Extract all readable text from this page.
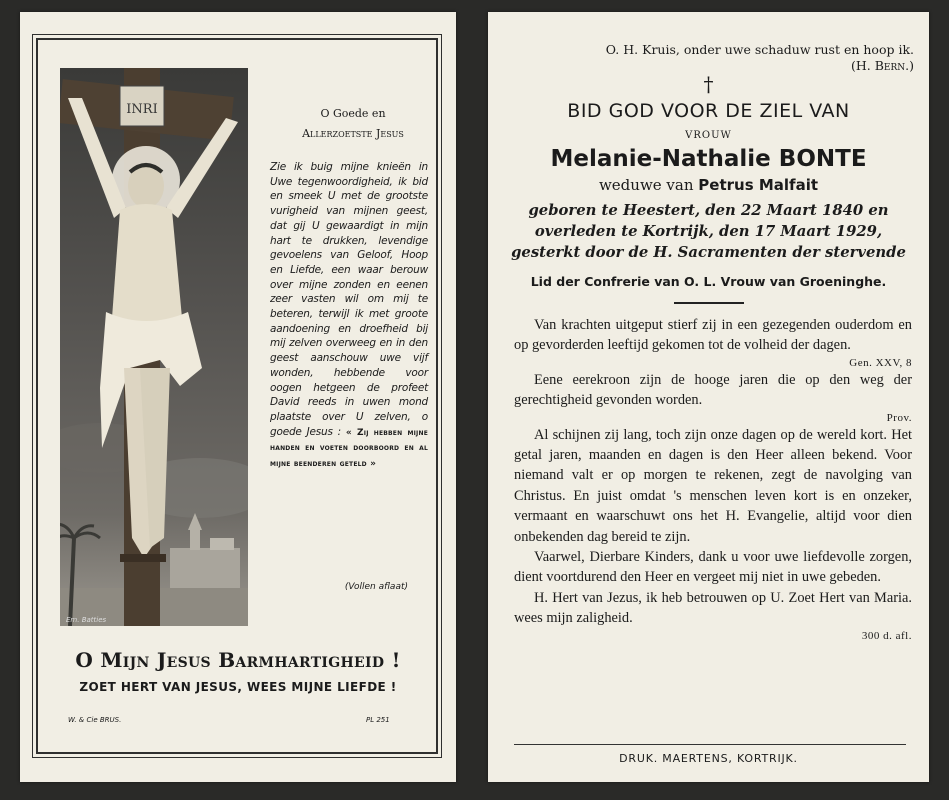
INRI	O Goede en
Allerzoetste Jesus
Zie ik buig mijne knieën in Uwe tegenwoordigheid, ik bid en smeek U met de grootste vurigheid van mijnen geest, dat gij U gewaardigt in mijn hart te drukken, levendige gevoelens van Geloof, Hoop en Liefde, een waar berouw over mijne zonden en eenen zeer vasten wil om mij te beteren, terwijl ik met groote aandoening en droefheid bij mij zelven overweeg en in den geest aanschouw uwe vijf wonden, hebbende voor oogen hetgeen de profeet David reeds in uwen mond plaatste over U zelven, o goede Jesus : « Zij hebben mijne handen en voeten doorboord en al mijne beenderen geteld »
(Vollen aflaat)
Em. Batties
O Mijn Jesus Barmhartigheid !
ZOET HERT VAN JESUS, WEES MIJNE LIEFDE !
W. & Cie BRUS.	PL 251
O. H. Kruis, onder uwe schaduw rust en hoop ik.
(H. Bern.)
†
BID GOD VOOR DE ZIEL VAN
VROUW
Melanie-Nathalie BONTE
weduwe van Petrus Malfait
geboren te Heestert, den 22 Maart 1840 en
overleden te Kortrijk, den 17 Maart 1929,
gesterkt door de H. Sacramenten der stervende
Lid der Confrerie van O. L. Vrouw van Groeninghe.

Van krachten uitgeput stierf zij in een gezegenden ouderdom en op gevorderden leeftijd gekomen tot de volheid der dagen.

Gen. XXV, 8

Eene eerekroon zijn de hooge jaren die op den weg der gerechtigheid gevonden worden.

Prov.

Al schijnen zij lang, toch zijn onze dagen op de wereld kort. Het getal jaren, maanden en dagen is den Heer alleen bekend. Voor niemand valt er op morgen te rekenen, zegt de navolging van Christus. En juist omdat 's menschen leven kort is en onzeker, vermaant en waarschuwt ons het H. Evangelie, altijd voor dien onbekenden dag bereid te zijn.

Vaarwel, Dierbare Kinders, dank u voor uwe liefdevolle zorgen, dient voortdurend den Heer en vergeet mij niet in uwe gebeden.

H. Hert van Jezus, ik heb betrouwen op U. Zoet Hert van Maria. wees mijn zaligheid.

300 d. afl.
DRUK. MAERTENS, KORTRIJK.
